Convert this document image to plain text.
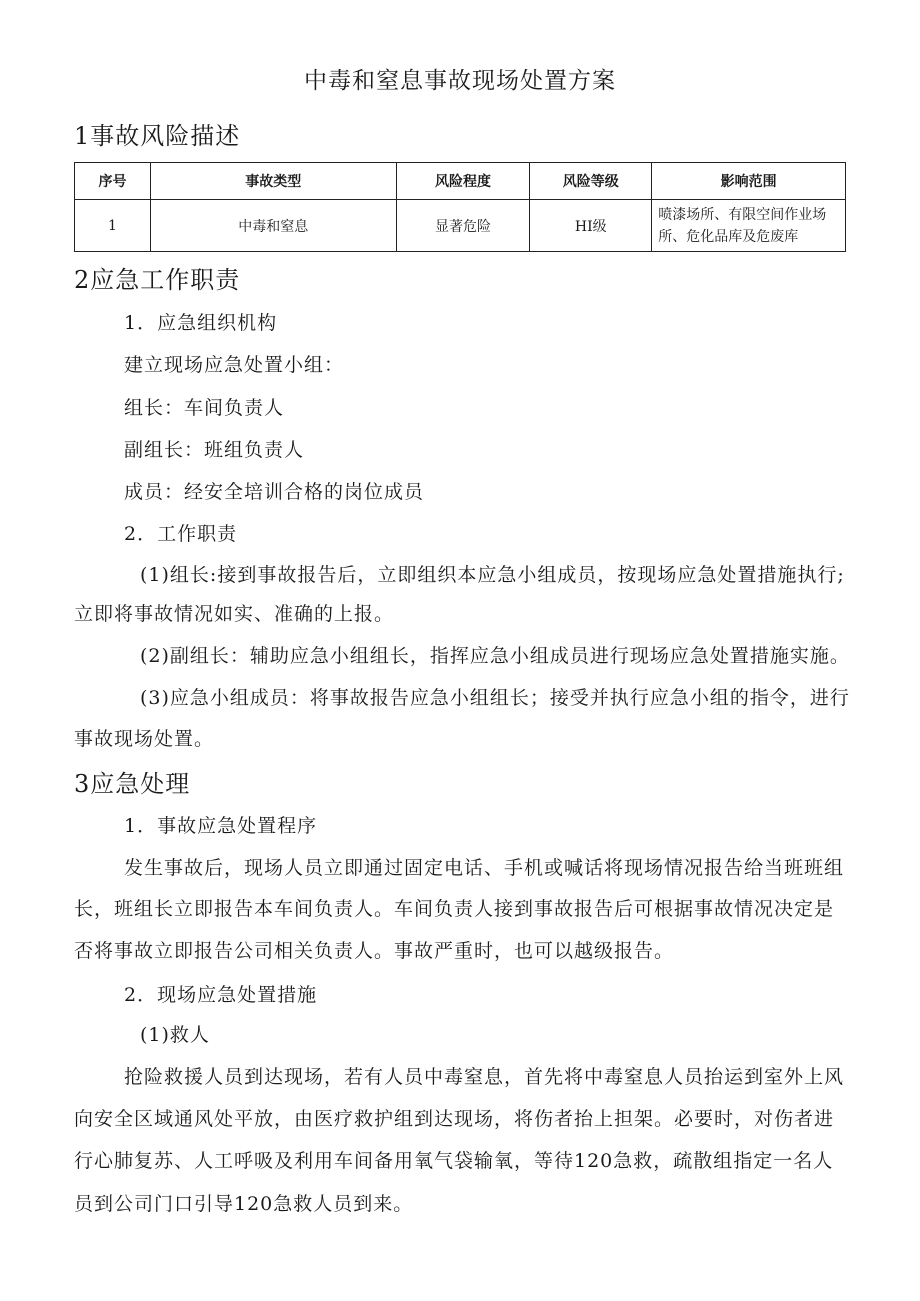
中毒和窒息事故现场处置方案
1事故风险描述
序号	事故类型	风险程度	风险等级	影响范围
1	中毒和窒息	显著危险	HI级	喷漆场所、有限空间作业场所、危化品库及危废库
2应急工作职责
1．应急组织机构
建立现场应急处置小组：
组长：车间负责人
副组长：班组负责人
成员：经安全培训合格的岗位成员
2．工作职责
(1)组长:接到事故报告后，立即组织本应急小组成员，按现场应急处置措施执行;
立即将事故情况如实、准确的上报。
(2)副组长：辅助应急小组组长，指挥应急小组成员进行现场应急处置措施实施。
(3)应急小组成员：将事故报告应急小组组长；接受并执行应急小组的指令，进行
事故现场处置。
3应急处理
1．事故应急处置程序
发生事故后，现场人员立即通过固定电话、手机或喊话将现场情况报告给当班班组
长，班组长立即报告本车间负责人。车间负责人接到事故报告后可根据事故情况决定是
否将事故立即报告公司相关负责人。事故严重时，也可以越级报告。
2．现场应急处置措施
(1)救人
抢险救援人员到达现场，若有人员中毒窒息，首先将中毒窒息人员抬运到室外上风
向安全区域通风处平放，由医疗救护组到达现场，将伤者抬上担架。必要时，对伤者进
行心肺复苏、人工呼吸及利用车间备用氧气袋输氧，等待120急救，疏散组指定一名人
员到公司门口引导120急救人员到来。
